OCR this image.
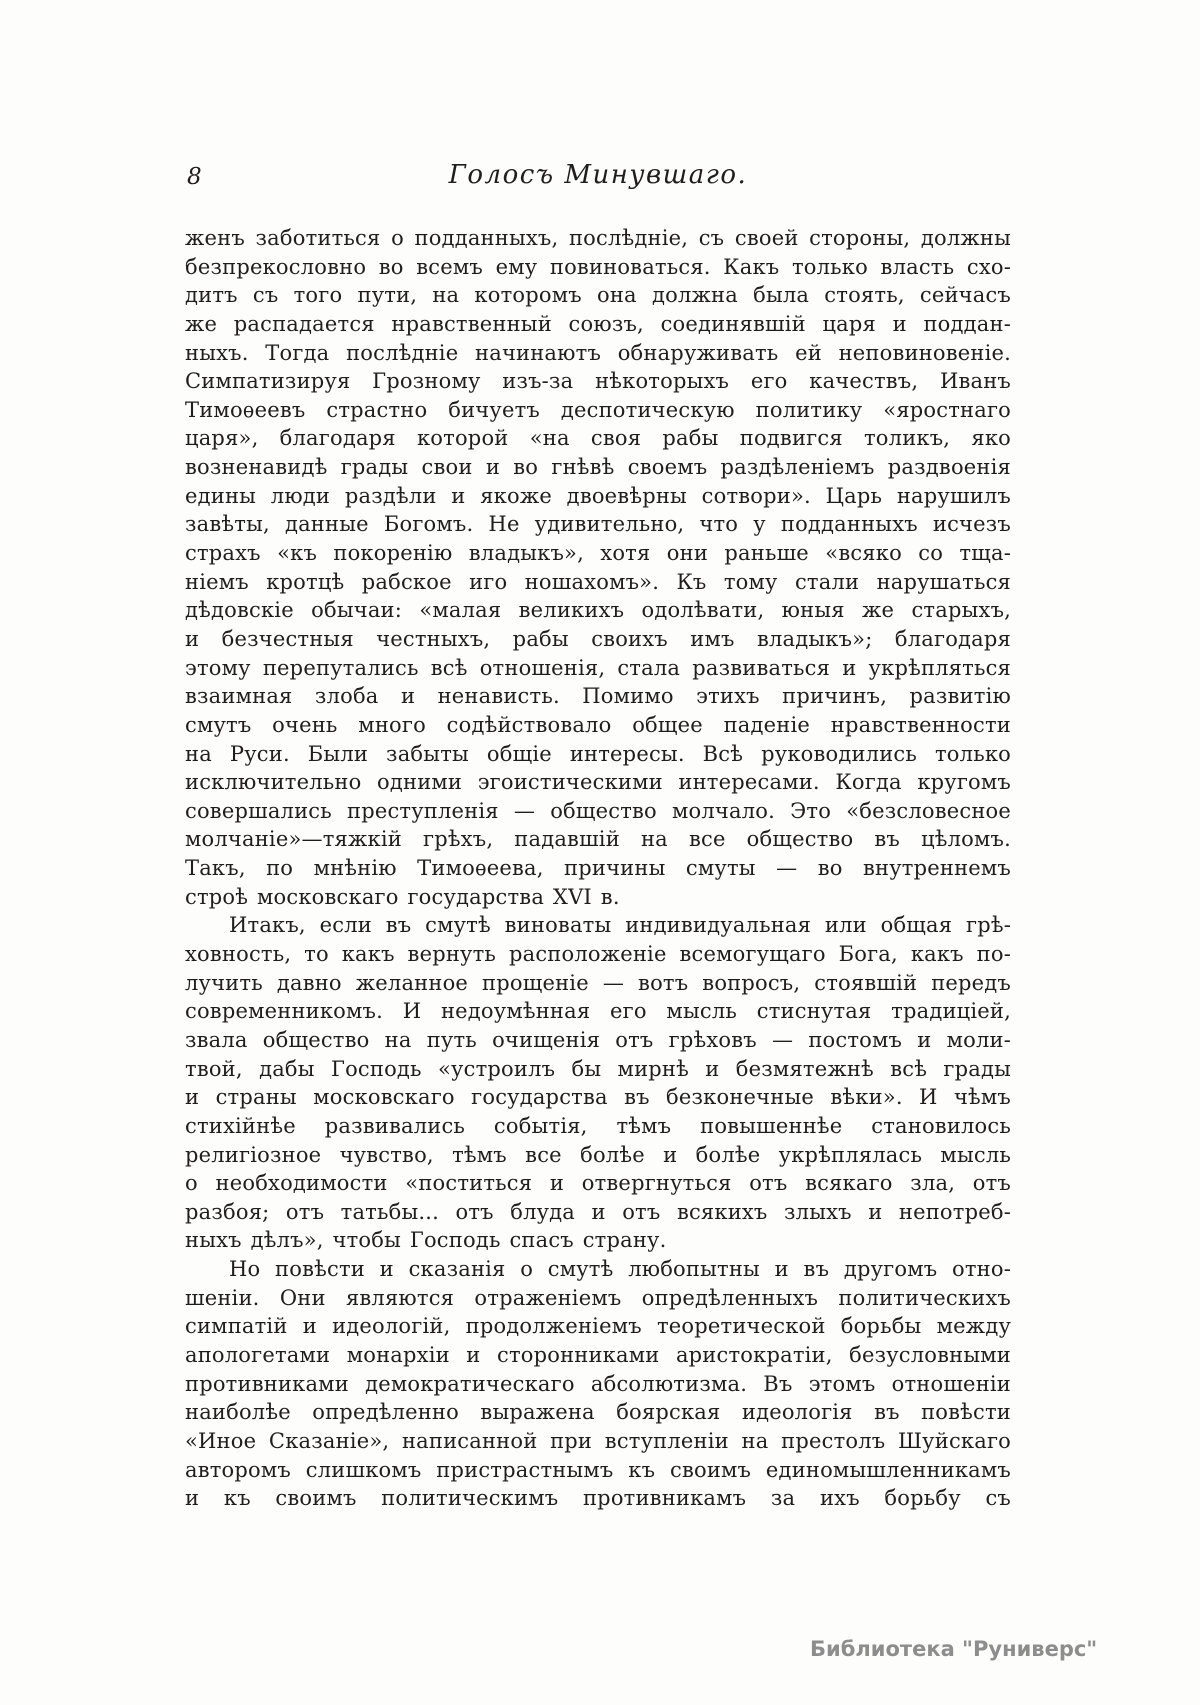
8	Голосъ Минувшаго.
женъ заботиться о подданныхъ, послѣдніе, съ своей стороны, должны
безпрекословно во всемъ ему повиноваться. Какъ только власть схо-
дитъ съ того пути, на которомъ она должна была стоять, сейчасъ
же распадается нравственный союзъ, соединявшій царя и поддан-
ныхъ. Тогда послѣдніе начинаютъ обнаруживать ей неповиновеніе.
Симпатизируя Грозному изъ-за нѣкоторыхъ его качествъ, Иванъ
Тимоѳеевъ страстно бичуетъ деспотическую политику «яростнаго
царя», благодаря которой «на своя рабы подвигся толикъ, яко
возненавидѣ грады свои и во гнѣвѣ своемъ раздѣленіемъ раздвоенія
едины люди раздѣли и якоже двоевѣрны сотвори». Царь нарушилъ
завѣты, данные Богомъ. Не удивительно, что у подданныхъ исчезъ
страхъ «къ покоренію владыкъ», хотя они раньше «всяко со тща-
ніемъ кротцѣ рабское иго ношахомъ». Къ тому стали нарушаться
дѣдовскіе обычаи: «малая великихъ одолѣвати, юныя же старыхъ,
и безчестныя честныхъ, рабы своихъ имъ владыкъ»; благодаря
этому перепутались всѣ отношенія, стала развиваться и укрѣпляться
взаимная злоба и ненависть. Помимо этихъ причинъ, развитію
смутъ очень много содѣйствовало общее паденіе нравственности
на Руси. Были забыты общіе интересы. Всѣ руководились только
исключительно одними эгоистическими интересами. Когда кругомъ
совершались преступленія — общество молчало. Это «безсловесное
молчаніе»—тяжкій грѣхъ, падавшій на все общество въ цѣломъ.
Такъ, по мнѣнію Тимоѳеева, причины смуты — во внутреннемъ
строѣ московскаго государства XVI в.
Итакъ, если въ смутѣ виноваты индивидуальная или общая грѣ-
ховность, то какъ вернуть расположеніе всемогущаго Бога, какъ по-
лучить давно желанное прощеніе — вотъ вопросъ, стоявшій передъ
современникомъ. И недоумѣнная его мысль стиснутая традиціей,
звала общество на путь очищенія отъ грѣховъ — постомъ и моли-
твой, дабы Господь «устроилъ бы мирнѣ и безмятежнѣ всѣ грады
и страны московскаго государства въ безконечные вѣки». И чѣмъ
стихійнѣе развивались событія, тѣмъ повышеннѣе становилось
религіозное чувство, тѣмъ все болѣе и болѣе укрѣплялась мысль
о необходимости «поститься и отвергнуться отъ всякаго зла, отъ
разбоя; отъ татьбы... отъ блуда и отъ всякихъ злыхъ и непотреб-
ныхъ дѣлъ», чтобы Господь спасъ страну.
Но повѣсти и сказанія о смутѣ любопытны и въ другомъ отно-
шеніи. Они являются отраженіемъ опредѣленныхъ политическихъ
симпатій и идеологій, продолженіемъ теоретической борьбы между
апологетами монархіи и сторонниками аристократіи, безусловными
противниками демократическаго абсолютизма. Въ этомъ отношеніи
наиболѣе опредѣленно выражена боярская идеологія въ повѣсти
«Иное Сказаніе», написанной при вступленіи на престолъ Шуйскаго
авторомъ слишкомъ пристрастнымъ къ своимъ единомышленникамъ
и къ своимъ политическимъ противникамъ за ихъ борьбу съ
Библиотека "Руниверс"
